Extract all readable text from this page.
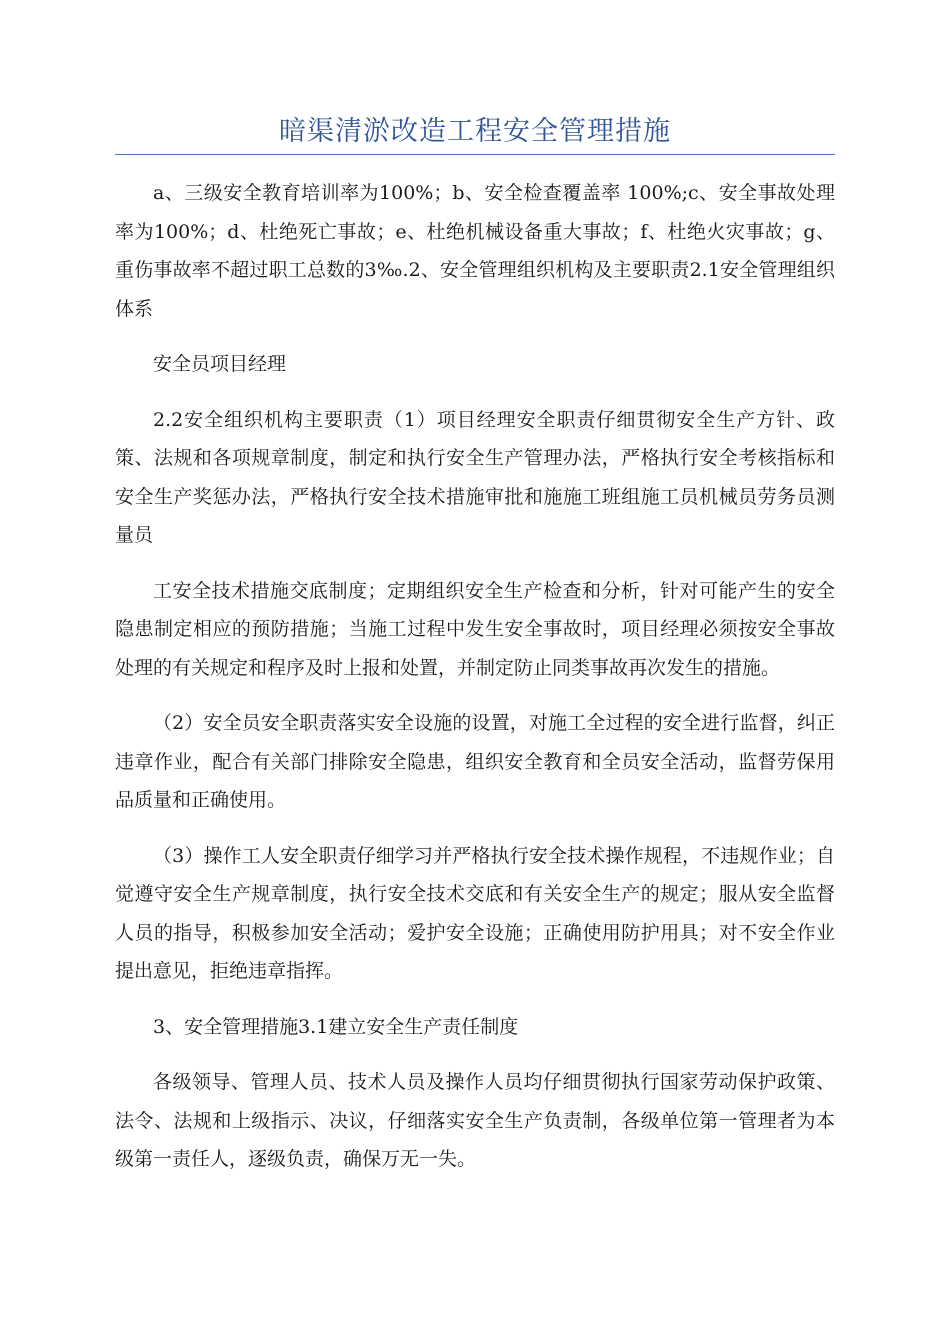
暗渠清淤改造工程安全管理措施

a、三级安全教育培训率为100%；b、安全检查覆盖率 100%;c、安全事故处理率为100%；d、杜绝死亡事故；e、杜绝机械设备重大事故；f、杜绝火灾事故；g、重伤事故率不超过职工总数的3‰.2、安全管理组织机构及主要职责2.1安全管理组织体系

安全员项目经理

2.2安全组织机构主要职责（1）项目经理安全职责仔细贯彻安全生产方针、政策、法规和各项规章制度，制定和执行安全生产管理办法，严格执行安全考核指标和安全生产奖惩办法，严格执行安全技术措施审批和施施工班组施工员机械员劳务员测量员

工安全技术措施交底制度；定期组织安全生产检查和分析，针对可能产生的安全隐患制定相应的预防措施；当施工过程中发生安全事故时，项目经理必须按安全事故处理的有关规定和程序及时上报和处置，并制定防止同类事故再次发生的措施。

（2）安全员安全职责落实安全设施的设置，对施工全过程的安全进行监督，纠正违章作业，配合有关部门排除安全隐患，组织安全教育和全员安全活动，监督劳保用品质量和正确使用。

（3）操作工人安全职责仔细学习并严格执行安全技术操作规程，不违规作业；自觉遵守安全生产规章制度，执行安全技术交底和有关安全生产的规定；服从安全监督人员的指导，积极参加安全活动；爱护安全设施；正确使用防护用具；对不安全作业提出意见，拒绝违章指挥。

3、安全管理措施3.1建立安全生产责任制度

各级领导、管理人员、技术人员及操作人员均仔细贯彻执行国家劳动保护政策、法令、法规和上级指示、决议，仔细落实安全生产负责制，各级单位第一管理者为本级第一责任人，逐级负责，确保万无一失。
